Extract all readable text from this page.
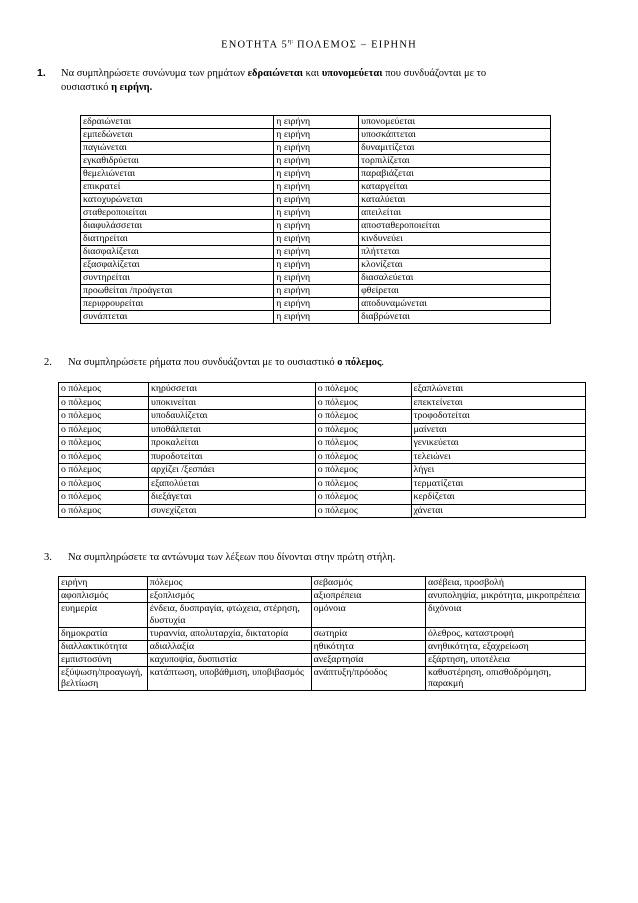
ΕΝΟΤΗΤΑ $5^{\eta:}$ ΠΟΛΕΜΟΣ – ΕΙΡΗΝΗ
1. Να συμπληρώσετε συνώνυμα των ρημάτων εδραιώνεται και υπονομεύεται που συνδυάζονται με το
ουσιαστικό η ειρήνη.
εδραιώνεται	η ειρήνη	υπονομεύεται
εμπεδώνεται	η ειρήνη	υποσκάπτεται
παγιώνεται	η ειρήνη	δυναμιτίζεται
εγκαθιδρύεται	η ειρήνη	τορπιλίζεται
θεμελιώνεται	η ειρήνη	παραβιάζεται
επικρατεί	η ειρήνη	καταργείται
κατοχυρώνεται	η ειρήνη	καταλύεται
σταθεροποιείται	η ειρήνη	απειλείται
διαφυλάσσεται	η ειρήνη	αποσταθεροποιείται
διατηρείται	η ειρήνη	κινδυνεύει
διασφαλίζεται	η ειρήνη	πλήττεται
εξασφαλίζεται	η ειρήνη	κλονίζεται
συντηρείται	η ειρήνη	διασαλεύεται
προωθείται /προάγεται	η ειρήνη	φθείρεται
περιφρουρείται	η ειρήνη	αποδυναμώνεται
συνάπτεται	η ειρήνη	διαβρώνεται
2. Να συμπληρώσετε ρήματα που συνδυάζονται με το ουσιαστικό ο πόλεμος.
ο πόλεμος	κηρύσσεται	ο πόλεμος	εξαπλώνεται
ο πόλεμος	υποκινείται	ο πόλεμος	επεκτείνεται
ο πόλεμος	υποδαυλίζεται	ο πόλεμος	τροφοδοτείται
ο πόλεμος	υποθάλπεται	ο πόλεμος	μαίνεται
ο πόλεμος	προκαλείται	ο πόλεμος	γενικεύεται
ο πόλεμος	πυροδοτείται	ο πόλεμος	τελειώνει
ο πόλεμος	αρχίζει /ξεσπάει	ο πόλεμος	λήγει
ο πόλεμος	εξαπολύεται	ο πόλεμος	τερματίζεται
ο πόλεμος	διεξάγεται	ο πόλεμος	κερδίζεται
ο πόλεμος	συνεχίζεται	ο πόλεμος	χάνεται
3. Να συμπληρώσετε τα αντώνυμα των λέξεων που δίνονται στην πρώτη στήλη.
ειρήνη	πόλεμος	σεβασμός	ασέβεια, προσβολή
αφοπλισμός	εξοπλισμός	αξιοπρέπεια	ανυποληψία, μικρότητα, μικροπρέπεια
ευημερία	ένδεια, δυσπραγία, φτώχεια, στέρηση, δυστυχία	ομόνοια	διχόνοια
δημοκρατία	τυραννία, απολυταρχία, δικτατορία	σωτηρία	όλεθρος, καταστροφή
διαλλακτικότητα	αδιαλλαξία	ηθικότητα	ανηθικότητα, εξαχρείωση
εμπιστοσύνη	καχυποψία, δυσπιστία	ανεξαρτησία	εξάρτηση, υποτέλεια
εξύψωση/προαγωγή, βελτίωση	κατάπτωση, υποβάθμιση, υποβιβασμός	ανάπτυξη/πρόοδος	καθυστέρηση, οπισθοδρόμηση, παρακμή
